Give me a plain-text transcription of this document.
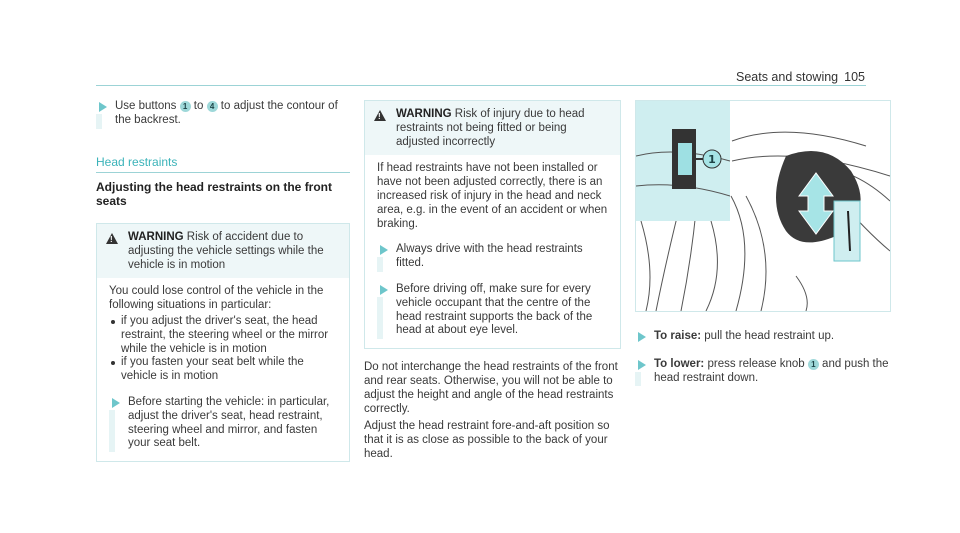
Seats and stowing 105
Use buttons 1 to 4 to adjust the contour of the backrest.
Head restraints
Adjusting the head restraints on the front seats
!
WARNING Risk of accident due to adjusting the vehicle settings while the vehicle is in motion
You could lose control of the vehicle in the following situations in particular:
if you adjust the driver's seat, the head restraint, the steering wheel or the mirror while the vehicle is in motion
if you fasten your seat belt while the vehicle is in motion
Before starting the vehicle: in particular, adjust the driver's seat, head restraint, steering wheel and mirror, and fasten your seat belt.
!
WARNING Risk of injury due to head restraints not being fitted or being adjusted incorrectly
If head restraints have not been installed or have not been adjusted correctly, there is an increased risk of injury in the head and neck area, e.g. in the event of an accident or when braking.
Always drive with the head restraints fitted.
Before driving off, make sure for every vehicle occupant that the centre of the head restraint supports the back of the head at about eye level.
Do not interchange the head restraints of the front and rear seats. Otherwise, you will not be able to adjust the height and angle of the head restraints correctly.
Adjust the head restraint fore-and-aft position so that it is as close as possible to the back of your head.
1
To raise: pull the head restraint up.
To lower: press release knob 1 and push the head restraint down.
